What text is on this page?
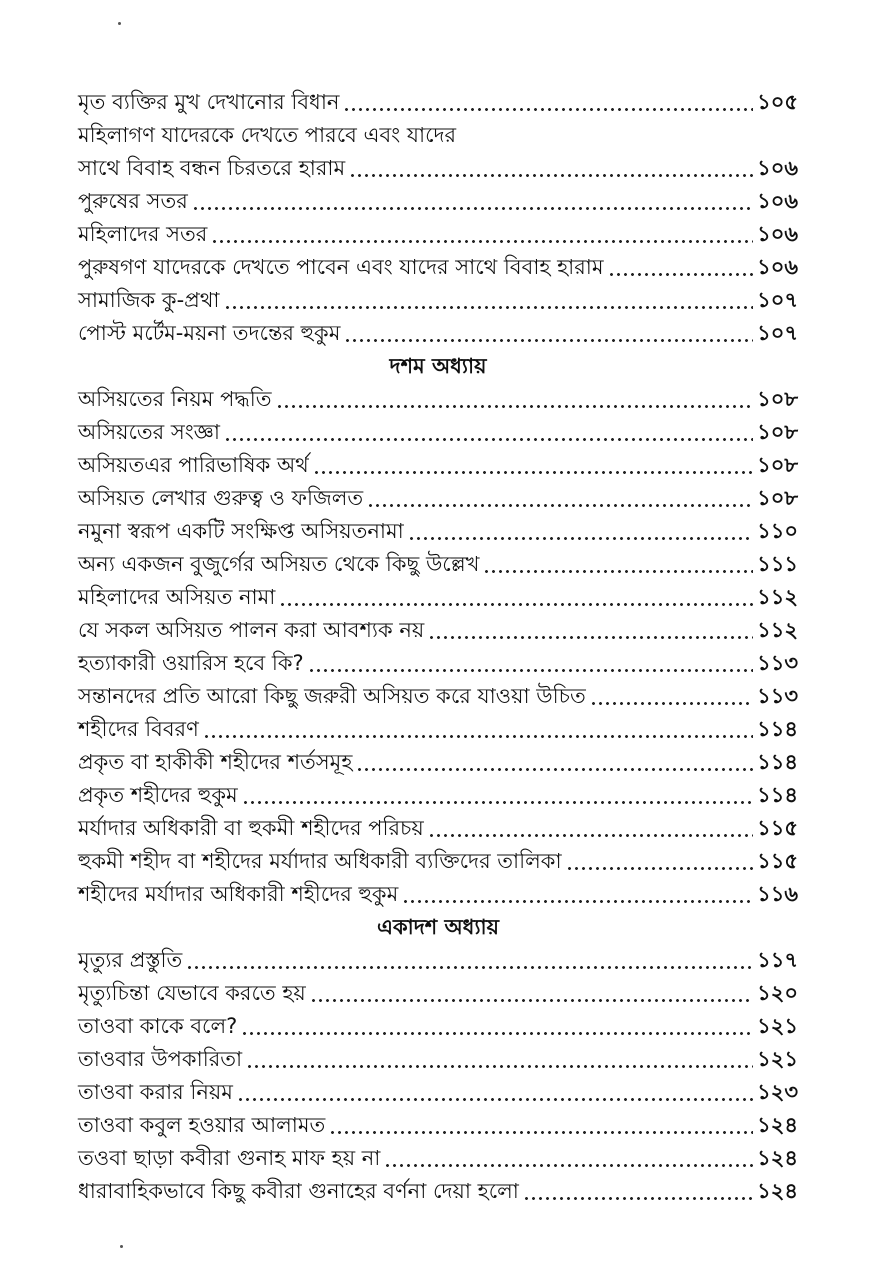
মৃত ব্যক্তির মুখ দেখানোর বিধান	১০৫
মহিলাগণ যাদেরকে দেখতে পারবে এবং যাদের
সাথে বিবাহ বন্ধন চিরতরে হারাম	১০৬
পুরুষের সতর	১০৬
মহিলাদের সতর	১০৬
পুরুষগণ যাদেরকে দেখতে পাবেন এবং যাদের সাথে বিবাহ হারাম	১০৬
সামাজিক কু-প্রথা	১০৭
পোস্ট মর্টেম-ময়না তদন্তের হুকুম	১০৭
দশম অধ্যায়
অসিয়তের নিয়ম পদ্ধতি	১০৮
অসিয়তের সংজ্ঞা	১০৮
অসিয়তএর পারিভাষিক অর্থ	১০৮
অসিয়ত লেখার গুরুত্ব ও ফজিলত	১০৮
নমুনা স্বরূপ একটি সংক্ষিপ্ত অসিয়তনামা	১১০
অন্য একজন বুজুর্গের অসিয়ত থেকে কিছু উল্লেখ	১১১
মহিলাদের অসিয়ত নামা	১১২
যে সকল অসিয়ত পালন করা আবশ্যক নয়	১১২
হত্যাকারী ওয়ারিস হবে কি?	১১৩
সন্তানদের প্রতি আরো কিছু জরুরী অসিয়ত করে যাওয়া উচিত	১১৩
শহীদের বিবরণ	১১৪
প্রকৃত বা হাকীকী শহীদের শর্তসমূহ	১১৪
প্রকৃত শহীদের হুকুম	১১৪
মর্যাদার অধিকারী বা হুকমী শহীদের পরিচয়	১১৫
হুকমী শহীদ বা শহীদের মর্যাদার অধিকারী ব্যক্তিদের তালিকা	১১৫
শহীদের মর্যাদার অধিকারী শহীদের হুকুম	১১৬
একাদশ অধ্যায়
মৃত্যুর প্রস্তুতি	১১৭
মৃত্যুচিন্তা যেভাবে করতে হয়	১২০
তাওবা কাকে বলে?	১২১
তাওবার উপকারিতা	১২১
তাওবা করার নিয়ম	১২৩
তাওবা কবুল হওয়ার আলামত	১২৪
তওবা ছাড়া কবীরা গুনাহ মাফ হয় না	১২৪
ধারাবাহিকভাবে কিছু কবীরা গুনাহের বর্ণনা দেয়া হলো	১২৪
